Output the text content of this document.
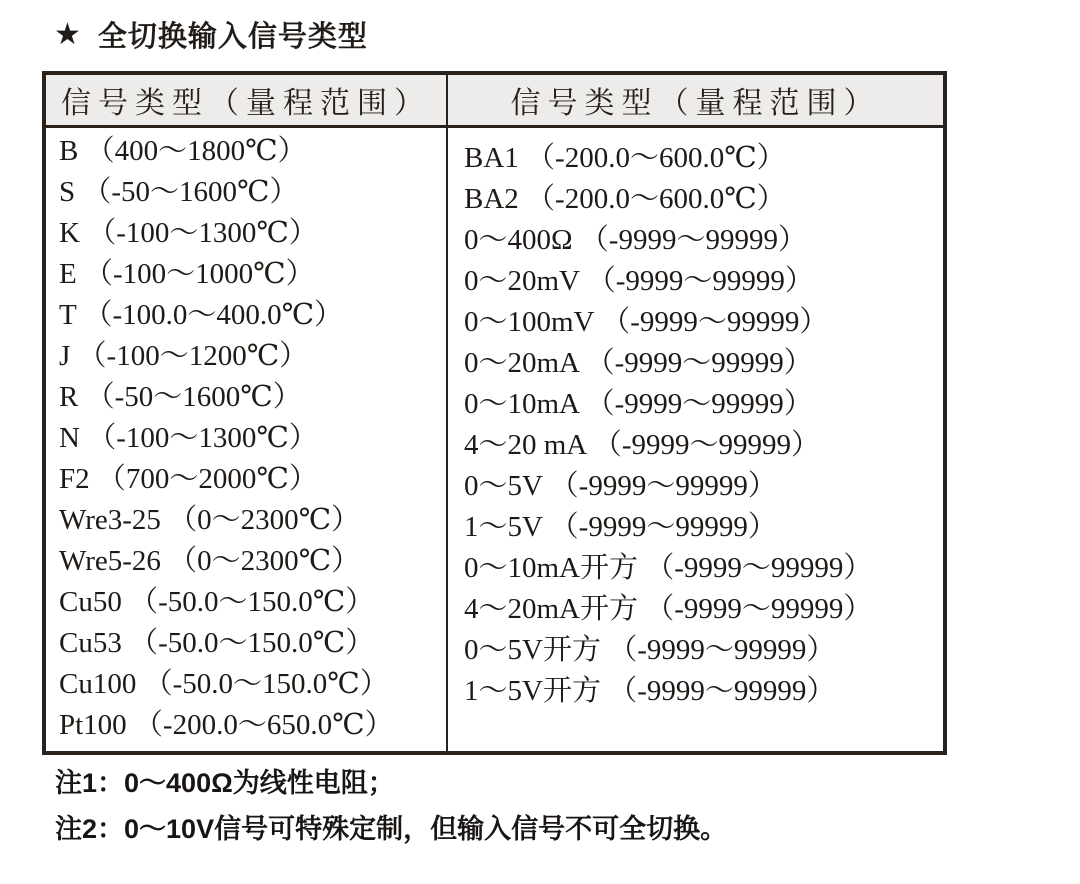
★ 全切换输入信号类型
信号类型（量程范围）	信号类型（量程范围）
B （400～1800℃）
S （-50～1600℃）
K （-100～1300℃）
E （-100～1000℃）
T （-100.0～400.0℃）
J （-100～1200℃）
R （-50～1600℃）
N （-100～1300℃）
F2 （700～2000℃）
Wre3-25 （0～2300℃）
Wre5-26 （0～2300℃）
Cu50 （-50.0～150.0℃）
Cu53 （-50.0～150.0℃）
Cu100 （-50.0～150.0℃）
Pt100 （-200.0～650.0℃）
BA1 （-200.0～600.0℃）
BA2 （-200.0～600.0℃）
0～400Ω （-9999～99999）
0～20mV （-9999～99999）
0～100mV （-9999～99999）
0～20mA （-9999～99999）
0～10mA （-9999～99999）
4～20 mA （-9999～99999）
0～5V （-9999～99999）
1～5V （-9999～99999）
0～10mA开方 （-9999～99999）
4～20mA开方 （-9999～99999）
0～5V开方 （-9999～99999）
1～5V开方 （-9999～99999）
注1：0～400Ω为线性电阻；
注2：0～10V信号可特殊定制，但输入信号不可全切换。
